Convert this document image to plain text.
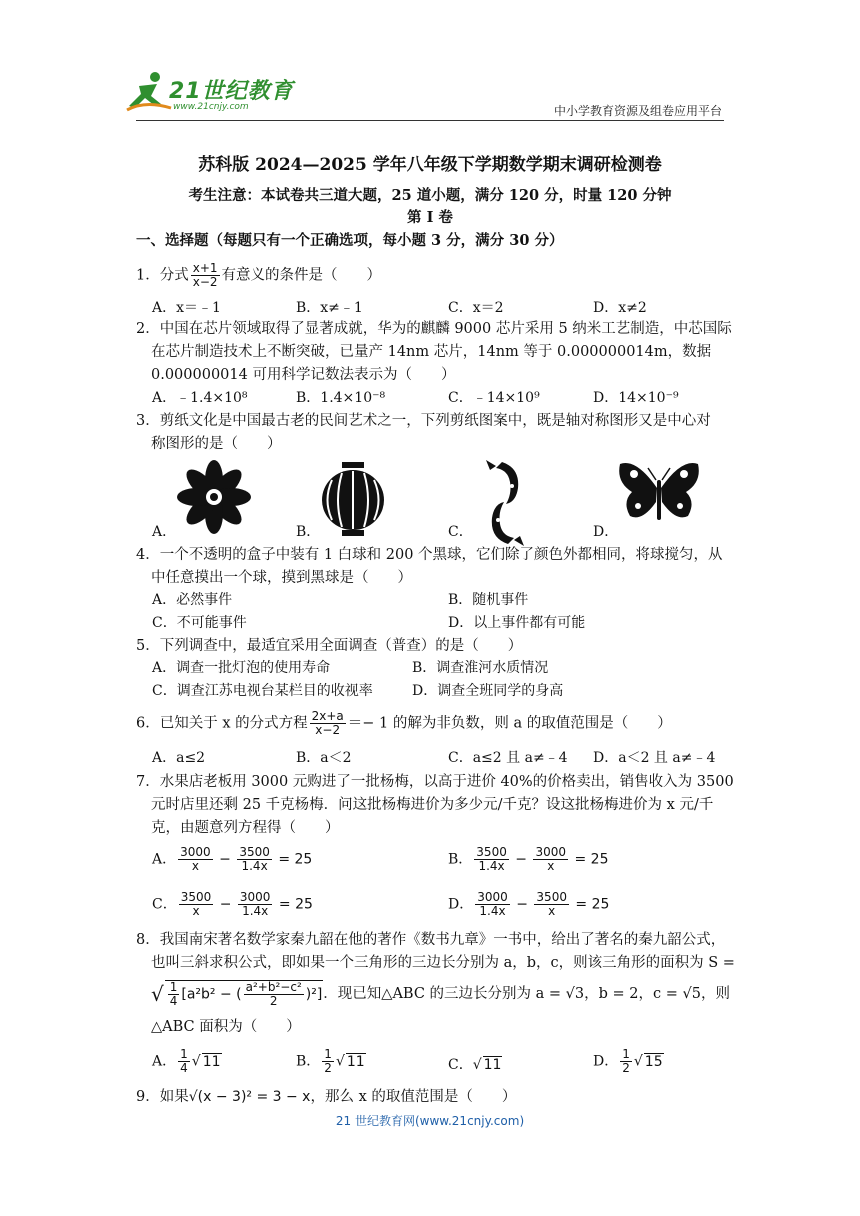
21世纪教育
www.21cnjy.com	中小学教育资源及组卷应用平台
苏科版 2024—2025 学年八年级下学期数学期末调研检测卷
考生注意：本试卷共三道大题，25 道小题，满分 120 分，时量 120 分钟
第 I 卷
一、选择题（每题只有一个正确选项，每小题 3 分，满分 30 分）
1．分式 $\frac{x+1}{x-2}$ 有意义的条件是（　　）
A．x＝﹣1	B．x≠﹣1	C．x＝2	D．x≠2
2．中国在芯片领域取得了显著成就，华为的麒麟 9000 芯片采用 5 纳米工艺制造，中芯国际
在芯片制造技术上不断突破，已量产 14nm 芯片，14nm 等于 0.000000014m，数据
0.000000014 可用科学记数法表示为（　　）
A．﹣1.4×10⁸	B．1.4×10⁻⁸	C．﹣14×10⁹	D．14×10⁻⁹
3．剪纸文化是中国最古老的民间艺术之一，下列剪纸图案中，既是轴对称图形又是中心对
称图形的是（　　）
A．	B．	C．	D．
4．一个不透明的盒子中装有 1 白球和 200 个黑球，它们除了颜色外都相同，将球搅匀，从
中任意摸出一个球，摸到黑球是（　　）
A．必然事件	B．随机事件
C．不可能事件	D．以上事件都有可能
5．下列调查中，最适宜采用全面调查（普查）的是（　　）
A．调查一批灯泡的使用寿命	B．调查淮河水质情况
C．调查江苏电视台某栏目的收视率	D．调查全班同学的身高
6．已知关于 x 的分式方程 $\frac{2x+a}{x-2} =- 1$ 的解为非负数，则 a 的取值范围是（　　）
A．a≤2	B．a＜2	C．a≤2 且 a≠﹣4 D．a＜2 且 a≠﹣4
7．水果店老板用 3000 元购进了一批杨梅，以高于进价 40%的价格卖出，销售收入为 3500
元时店里还剩 25 千克杨梅．问这批杨梅进价为多少元/千克？设这批杨梅进价为 x 元/千
克，由题意列方程得（　　）
A． $\frac{3000}{x} - \frac{3500}{1.4x} = 25$	B． $\frac{3500}{1.4x} - \frac{3000}{x} = 25$
C． $\frac{3500}{x} - \frac{3000}{1.4x} = 25$	D． $\frac{3000}{1.4x} - \frac{3500}{x} = 25$
8．我国南宋著名数学家秦九韶在他的著作《数书九章》一书中，给出了著名的秦九韶公式，
也叫三斜求积公式，即如果一个三角形的三边长分别为 a，b，c，则该三角形的面积为 S =
√ $\frac{1}{4} [a^2b^2$ − ( $\frac{\text{a²+b²−c²}}{2} )^2$]．现已知△ABC 的三边长分别为 a = √3，b = 2，c = √5，则
△ABC 面积为（　　）
A． $\frac{1}{4}$ √ 11	B． $\frac{1}{2}$ √ 11	C．√ 11	D． $\frac{1}{2}$ √ 15
9．如果√(x − 3)² = 3 − x，那么 x 的取值范围是（　　）
21 世纪教育网(www.21cnjy.com)
